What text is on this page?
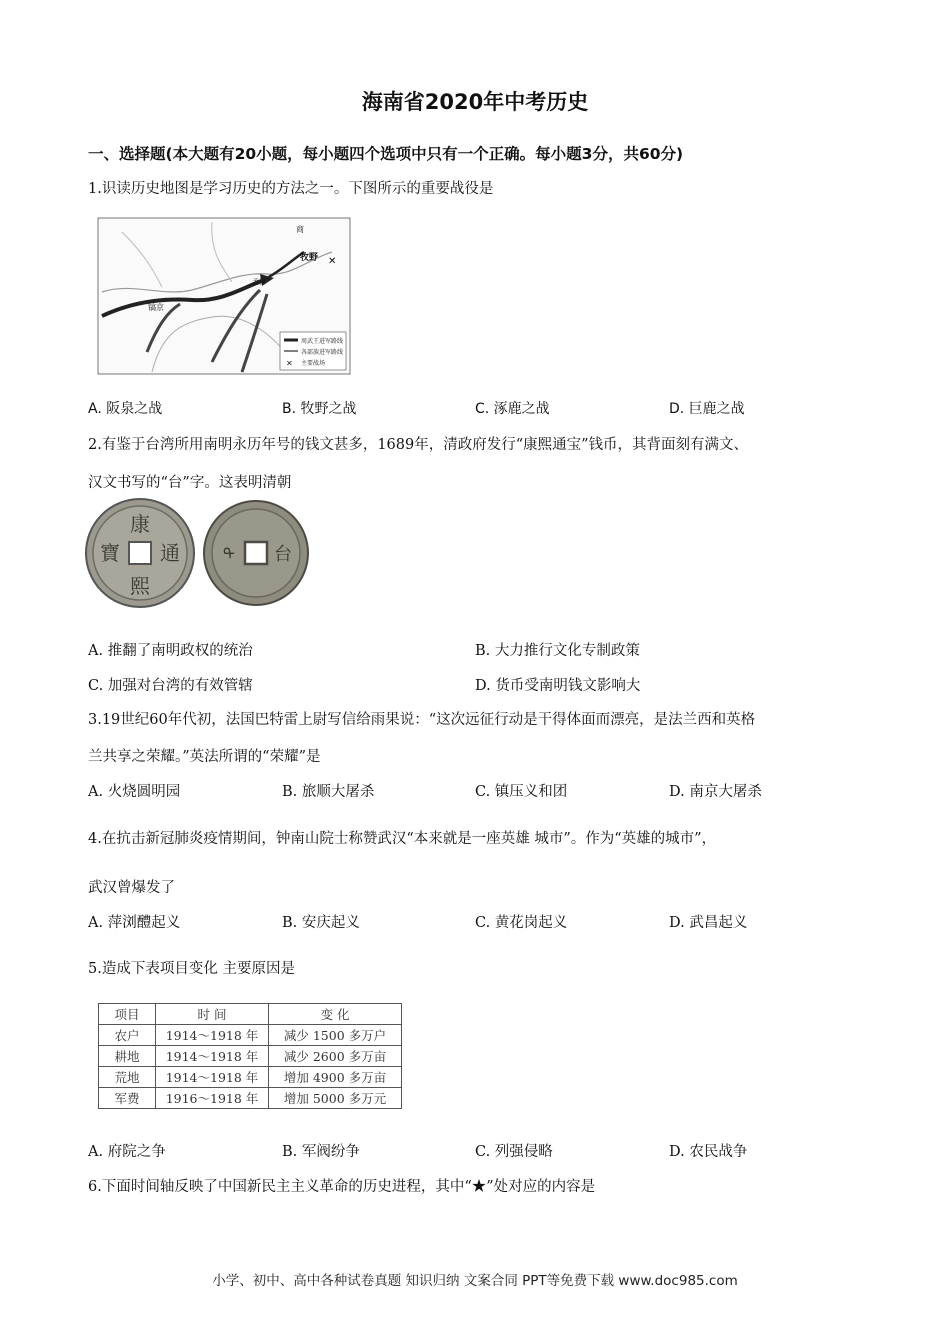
海南省2020年中考历史
一、选择题(本大题有20小题，每小题四个选项中只有一个正确。每小题3分，共60分)
1.识读历史地图是学习历史的方法之一。下图所示的重要战役是
商
牧野 ✕
镐京
孟津
周武王进军路线
各部族进军路线
✕ 主要战场
A. 阪泉之战	B. 牧野之战	C. 涿鹿之战	D. 巨鹿之战
2.有鉴于台湾所用南明永历年号的钱文甚多，1689年，清政府发行“康熙通宝”钱币，其背面刻有满文、
汉文书写的“台”字。这表明清朝
康
通
熙
寶	ᠲ 台
A. 推翻了南明政权的统治	B. 大力推行文化专制政策
C. 加强对台湾的有效管辖	D. 货币受南明钱文影响大
3.19世纪60年代初，法国巴特雷上尉写信给雨果说：“这次远征行动是干得体面而漂亮，是法兰西和英格
兰共享之荣耀。”英法所谓的“荣耀”是
A. 火烧圆明园	B. 旅顺大屠杀	C. 镇压义和团	D. 南京大屠杀
4.在抗击新冠肺炎疫情期间，钟南山院士称赞武汉“本来就是一座英雄 城市”。作为“英雄的城市”，
武汉曾爆发了
A. 萍浏醴起义	B. 安庆起义	C. 黄花岗起义	D. 武昌起义
5.造成下表项目变化 主要原因是
项目	时 间	变 化
农户	1914～1918 年	减少 1500 多万户
耕地	1914～1918 年	减少 2600 多万亩
荒地	1914～1918 年	增加 4900 多万亩
军费	1916～1918 年	增加 5000 多万元
A. 府院之争	B. 军阀纷争	C. 列强侵略	D. 农民战争
6.下面时间轴反映了中国新民主主义革命的历史进程，其中“★”处对应的内容是
小学、初中、高中各种试卷真题 知识归纳 文案合同 PPT等免费下载 www.doc985.com
